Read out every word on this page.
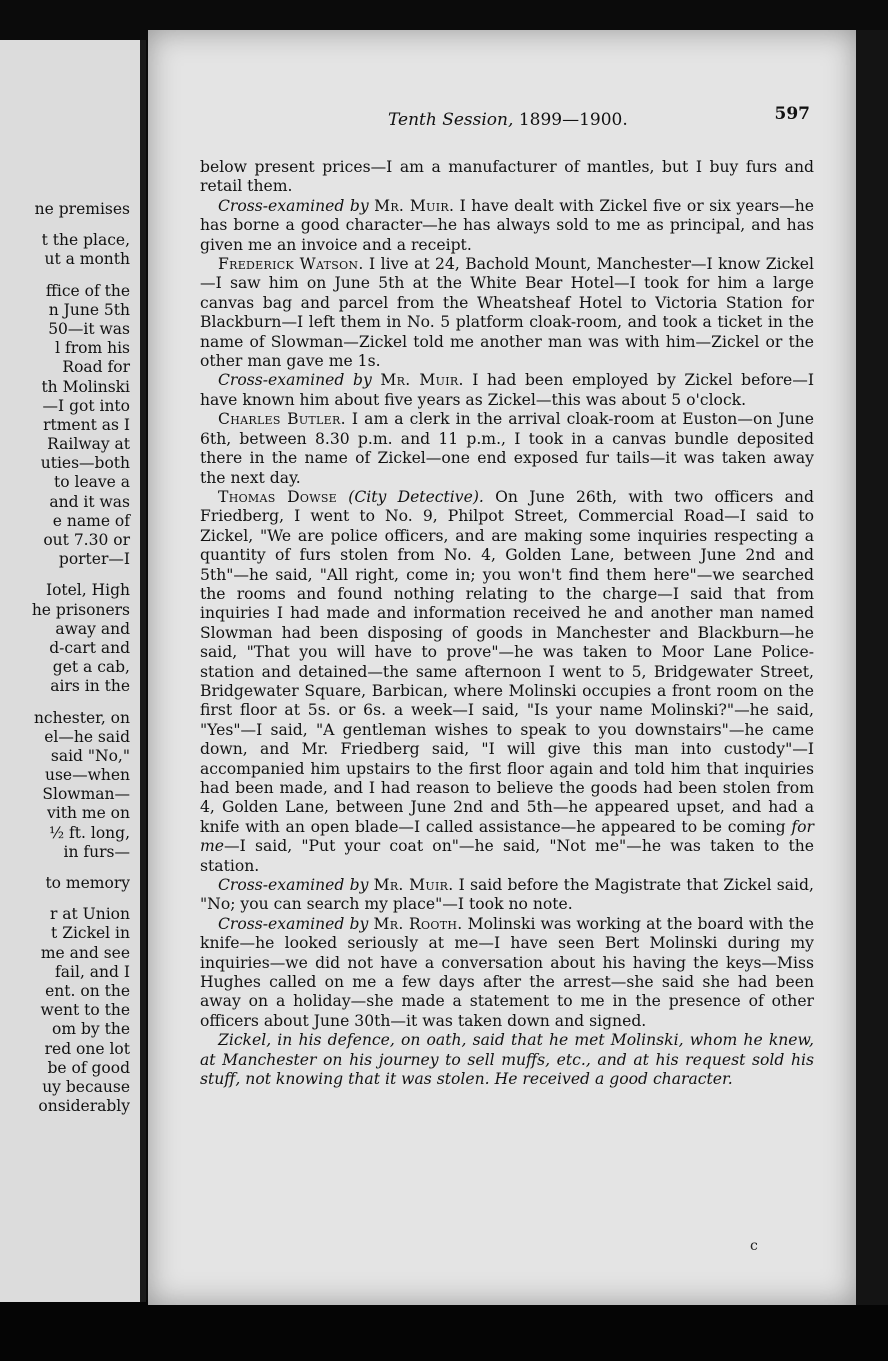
ne premises
t the place,
ut a month
ffice of the
n June 5th
50—it was
l from his
Road for
th Molinski
—I got into
rtment as I
Railway at
uties—both
to leave a
and it was
e name of
out 7.30 or
porter—I
Iotel, High
he prisoners
away and
d-cart and
get a cab,
airs in the
nchester, on
el—he said
said "No,"
use—when
Slowman—
vith me on
½ ft. long,
in furs—
to memory
r at Union
t Zickel in
me and see
fail, and I
ent. on the
went to the
om by the
red one lot
be of good
uy because
onsiderably
Tenth Session, 1899—1900.	597

below present prices—I am a manufacturer of mantles, but I buy furs and retail them.

Cross-examined by Mr. Muir. I have dealt with Zickel five or six years—he has borne a good character—he has always sold to me as principal, and has given me an invoice and a receipt.

Frederick Watson. I live at 24, Bachold Mount, Manchester—I know Zickel—I saw him on June 5th at the White Bear Hotel—I took for him a large canvas bag and parcel from the Wheatsheaf Hotel to Victoria Station for Blackburn—I left them in No. 5 platform cloak-room, and took a ticket in the name of Slowman—Zickel told me another man was with him—Zickel or the other man gave me 1s.

Cross-examined by Mr. Muir. I had been employed by Zickel before—I have known him about five years as Zickel—this was about 5 o'clock.

Charles Butler. I am a clerk in the arrival cloak-room at Euston—on June 6th, between 8.30 p.m. and 11 p.m., I took in a canvas bundle deposited there in the name of Zickel—one end exposed fur tails—it was taken away the next day.

Thomas Dowse (City Detective). On June 26th, with two officers and Friedberg, I went to No. 9, Philpot Street, Commercial Road—I said to Zickel, "We are police officers, and are making some inquiries respecting a quantity of furs stolen from No. 4, Golden Lane, between June 2nd and 5th"—he said, "All right, come in; you won't find them here"—we searched the rooms and found nothing relating to the charge—I said that from inquiries I had made and information received he and another man named Slowman had been disposing of goods in Manchester and Blackburn—he said, "That you will have to prove"—he was taken to Moor Lane Police-station and detained—the same afternoon I went to 5, Bridgewater Street, Bridgewater Square, Barbican, where Molinski occupies a front room on the first floor at 5s. or 6s. a week—I said, "Is your name Molinski?"—he said, "Yes"—I said, "A gentleman wishes to speak to you downstairs"—he came down, and Mr. Friedberg said, "I will give this man into custody"—I accompanied him upstairs to the first floor again and told him that inquiries had been made, and I had reason to believe the goods had been stolen from 4, Golden Lane, between June 2nd and 5th—he appeared upset, and had a knife with an open blade—I called assistance—he appeared to be coming for me—I said, "Put your coat on"—he said, "Not me"—he was taken to the station.

Cross-examined by Mr. Muir. I said before the Magistrate that Zickel said, "No; you can search my place"—I took no note.

Cross-examined by Mr. Rooth. Molinski was working at the board with the knife—he looked seriously at me—I have seen Bert Molinski during my inquiries—we did not have a conversation about his having the keys—Miss Hughes called on me a few days after the arrest—she said she had been away on a holiday—she made a statement to me in the presence of other officers about June 30th—it was taken down and signed.

Zickel, in his defence, on oath, said that he met Molinski, whom he knew, at Manchester on his journey to sell muffs, etc., and at his request sold his stuff, not knowing that it was stolen. He received a good character.

c
